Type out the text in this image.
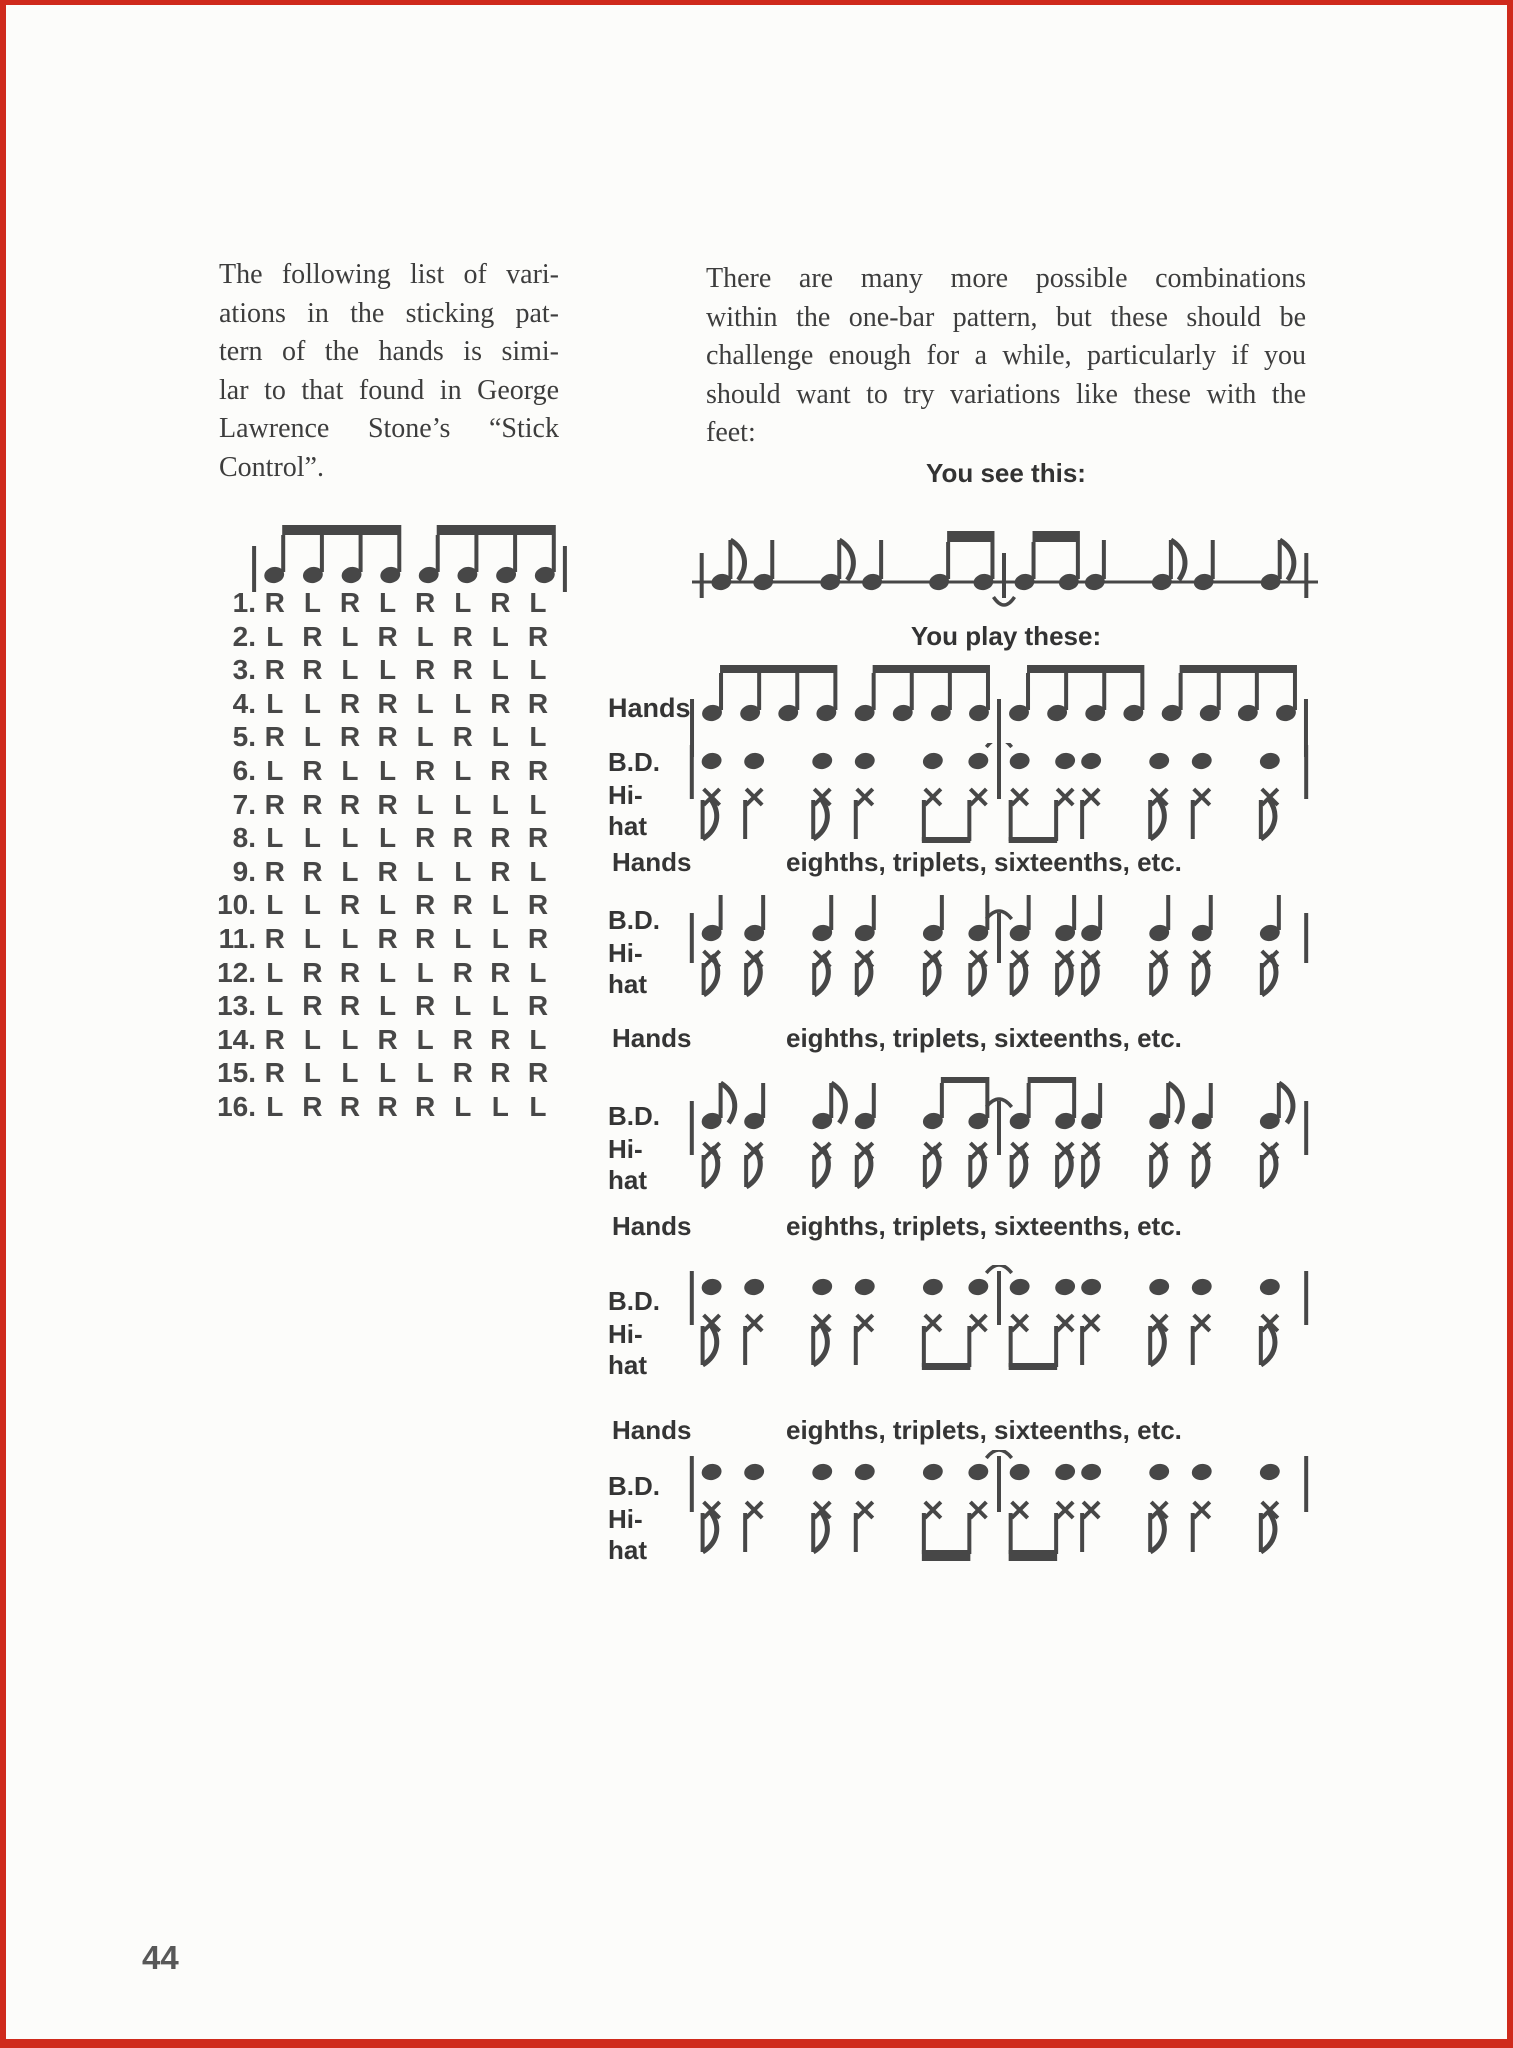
The following list of vari-
ations in the sticking pat-
tern of the hands is simi-
lar to that found in George
Lawrence Stone’s “Stick
Control”.
1. R L R L R L R L
2. L R L R L R L R
3. R R L L R R L L
4. L L R R L L R R
5. R L R R L R L L
6. L R L L R L R R
7. R R R R L L L L
8. L L L L R R R R
9. R R L R L L R L
10. L L R L R R L R
11. R L L R R L L R
12. L R R L L R R L
13. L R R L R L L R
14. R L L R L R R L
15. R L L L L R R R
16. L R R R R L L L
There are many more possible combinations
within the one-bar pattern, but these should be
challenge enough for a while, particularly if you
should want to try variations like these with the
feet:
You see this:
You play these:
Hands
B.D.
Hi-hat
Hands	eighths, triplets, sixteenths, etc.
B.D.
Hi-hat
Hands	eighths, triplets, sixteenths, etc.
B.D.
Hi-hat
Hands	eighths, triplets, sixteenths, etc.
B.D.
Hi-hat
Hands	eighths, triplets, sixteenths, etc.
B.D.
Hi-hat
44
